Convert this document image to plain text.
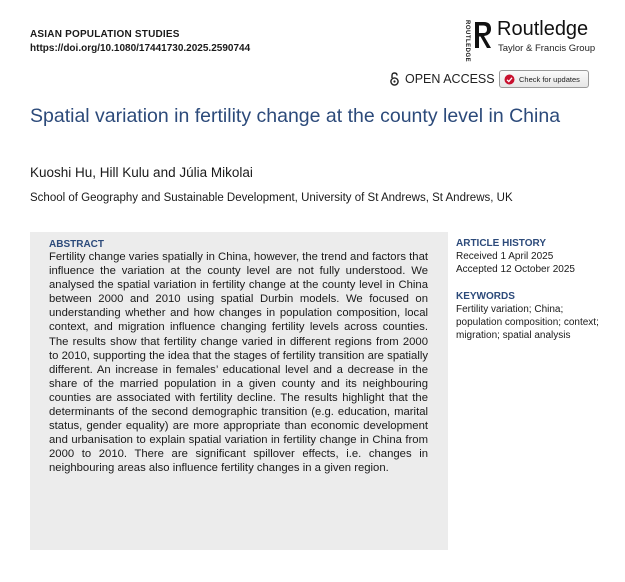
ASIAN POPULATION STUDIES
https://doi.org/10.1080/17441730.2025.2590744	ROUTLEDGE Routledge
Taylor & Francis Group
OPEN ACCESS	Check for updates
Spatial variation in fertility change at the county level in China
Kuoshi Hu, Hill Kulu and Júlia Mikolai
School of Geography and Sustainable Development, University of St Andrews, St Andrews, UK
ABSTRACT
Fertility change varies spatially in China, however, the trend and factors that influence the variation at the county level are not fully understood. We analysed the spatial variation in fertility change at the county level in China between 2000 and 2010 using spatial Durbin models. We focused on understanding whether and how changes in population composition, local context, and migration influence changing fertility levels across counties. The results show that fertility change varied in different regions from 2000 to 2010, supporting the idea that the stages of fertility transition are spatially different. An increase in females’ educational level and a decrease in the share of the married population in a given county and its neighbouring counties are associated with fertility decline. The results highlight that the determinants of the second demographic transition (e.g. education, marital status, gender equality) are more appropriate than economic development and urbanisation to explain spatial variation in fertility change in China from 2000 to 2010. There are significant spillover effects, i.e. changes in neighbouring areas also influence fertility changes in a given region.
ARTICLE HISTORY
Received 1 April 2025
Accepted 12 October 2025
KEYWORDS
Fertility variation; China; population composition; context; migration; spatial analysis
